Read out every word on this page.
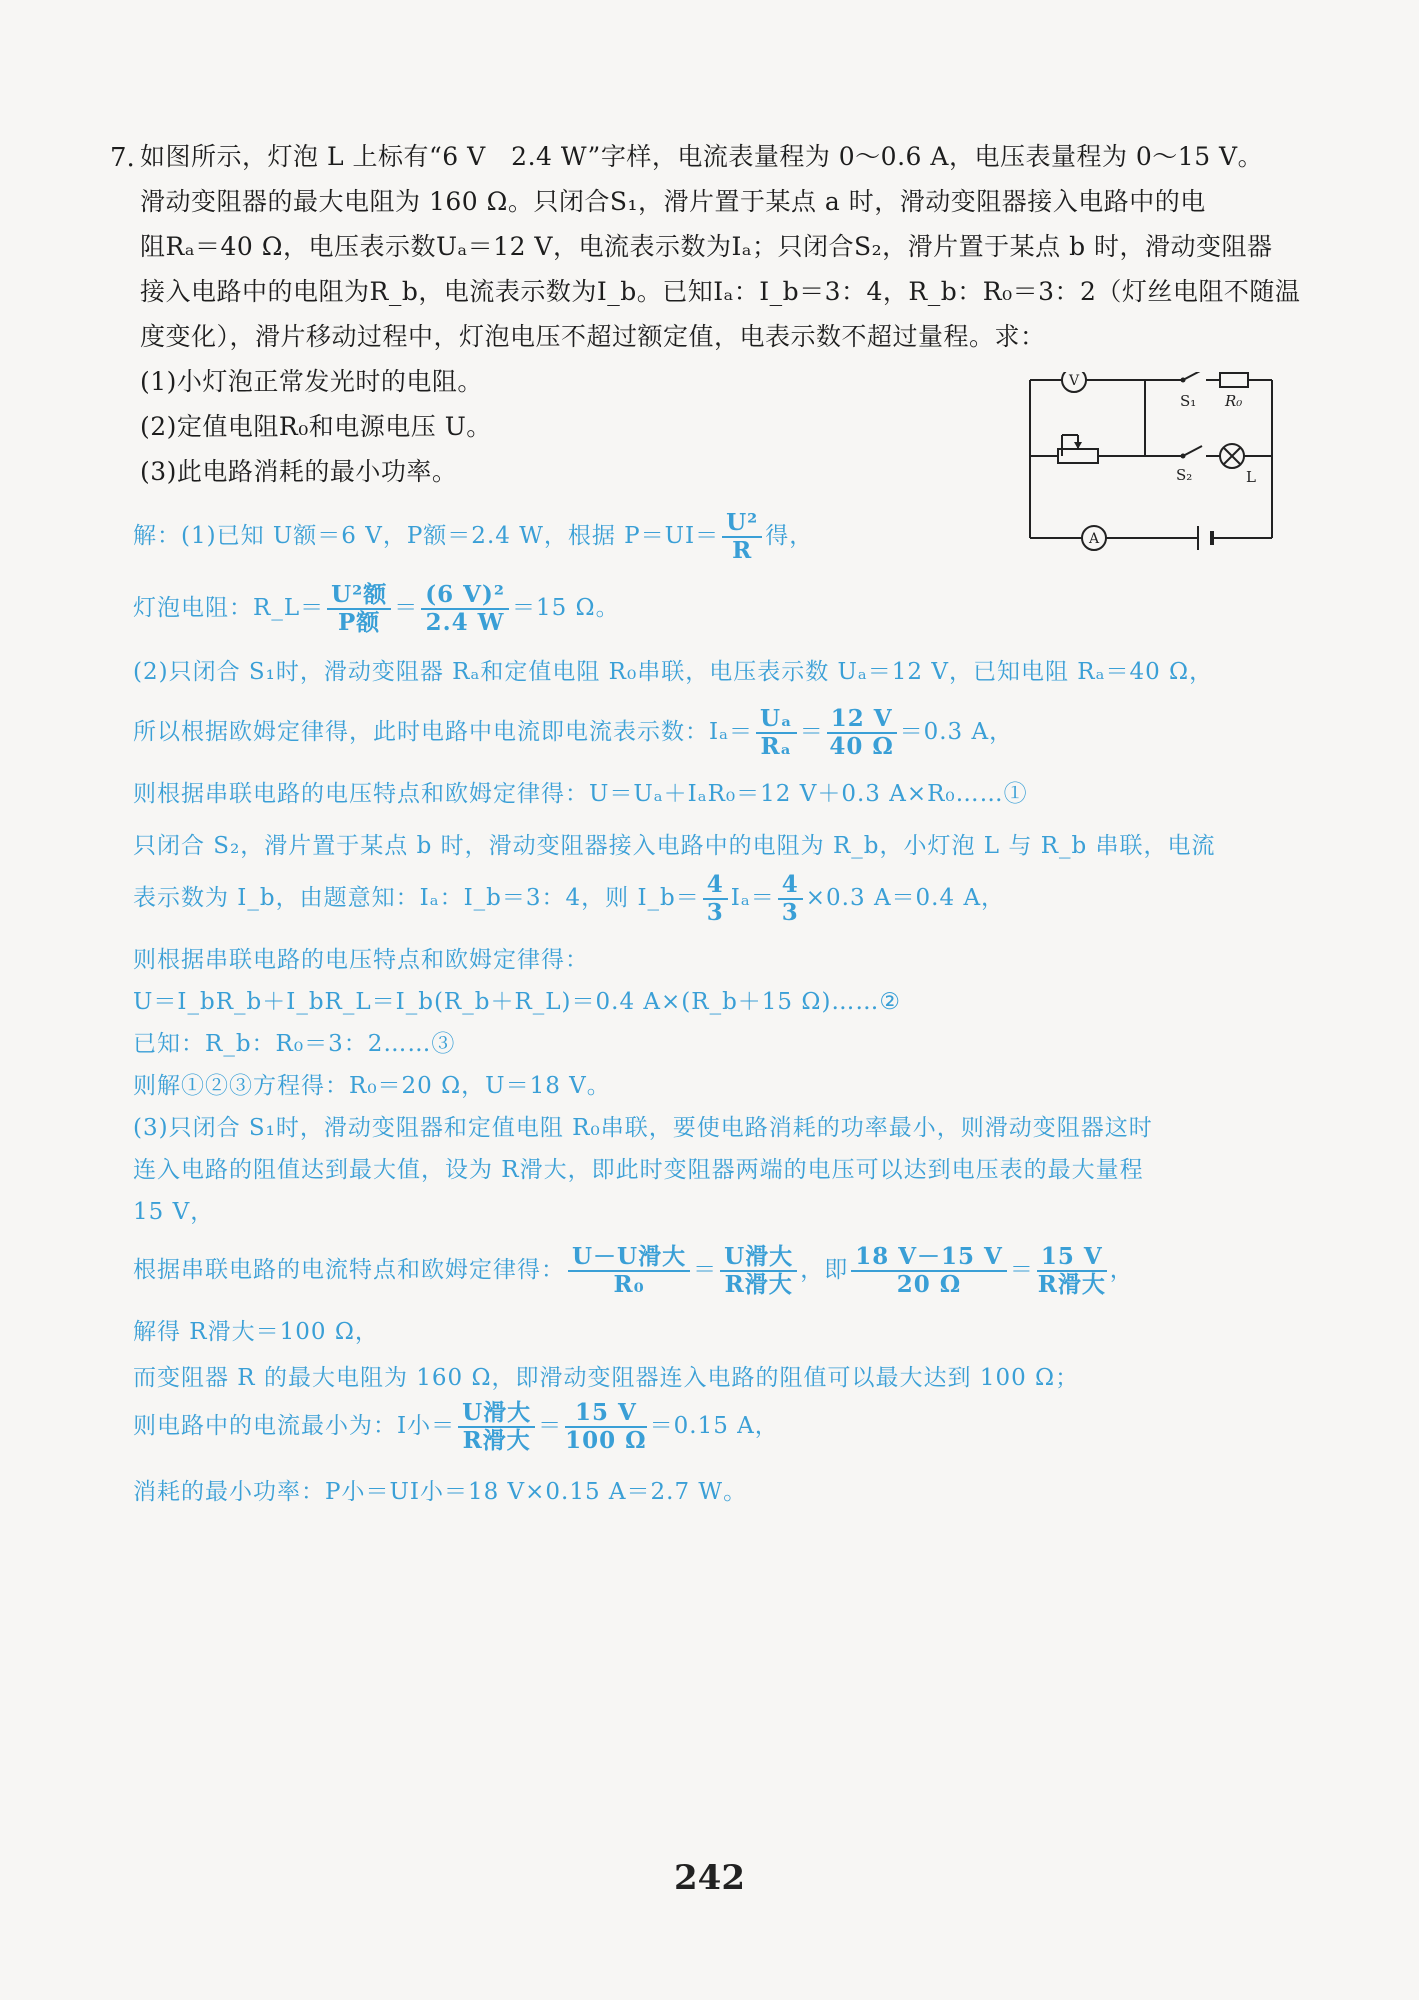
7. 如图所示，灯泡 L 上标有“6 V　2.4 W”字样，电流表量程为 0～0.6 A，电压表量程为 0～15 V。
滑动变阻器的最大电阻为 160 Ω。只闭合S₁，滑片置于某点 a 时，滑动变阻器接入电路中的电
阻Rₐ＝40 Ω，电压表示数Uₐ＝12 V，电流表示数为Iₐ；只闭合S₂，滑片置于某点 b 时，滑动变阻器
接入电路中的电阻为R_b，电流表示数为I_b。已知Iₐ：I_b＝3：4，R_b：R₀＝3：2（灯丝电阻不随温
度变化），滑片移动过程中，灯泡电压不超过额定值，电表示数不超过量程。求：
(1)小灯泡正常发光时的电阻。
(2)定值电阻R₀和电源电压 U。
(3)此电路消耗的最小功率。
V
A
S₁ R₀
S₂	L
解：(1)已知 U额＝6 V，P额＝2.4 W，根据 $P=UI= \frac{\text{U²}}{R}$ 得，
灯泡电阻：R_L＝ $\frac{\text{U²额}}{\text{P额}} = \frac{\text{(6 V)²}}{2.4 W} =15$ Ω。
(2)只闭合 S₁时，滑动变阻器 Rₐ和定值电阻 R₀串联，电压表示数 Uₐ＝12 V，已知电阻 Rₐ＝40 Ω，
所以根据欧姆定律得，此时电路中电流即电流表示数：$I_a= \frac{\text{Uₐ}}{\text{Rₐ}} = \frac{12 V}{40 \Omega} =0.3$ A，
则根据串联电路的电压特点和欧姆定律得：U＝Uₐ＋IₐR₀＝12 V＋0.3 A×R₀……①
只闭合 S₂，滑片置于某点 b 时，滑动变阻器接入电路中的电阻为 R_b，小灯泡 L 与 R_b 串联，电流
表示数为 I_b，由题意知：Iₐ：I_b＝3：4，则 I_b＝ $\frac{4}{3} I_a= \frac{4}{3} \times 0.3$ A＝0.4 A，
则根据串联电路的电压特点和欧姆定律得：
U＝I_bR_b＋I_bR_L＝I_b(R_b＋R_L)＝0.4 A×(R_b＋15 Ω)……②
已知：R_b：R₀＝3：2……③
则解①②③方程得：R₀＝20 Ω，U＝18 V。
(3)只闭合 S₁时，滑动变阻器和定值电阻 R₀串联，要使电路消耗的功率最小，则滑动变阻器这时
连入电路的阻值达到最大值，设为 R滑大，即此时变阻器两端的电压可以达到电压表的最大量程
15 V，
根据串联电路的电流特点和欧姆定律得： $\frac{\text{U－U滑大}}{\text{R₀}} = \frac{\text{U滑大}}{\text{R滑大}}$ ，即 $\frac{18 V-15 V}{20 \Omega} = \frac{15 V}{\text{R滑大}}$ ，
解得 R滑大＝100 Ω，
而变阻器 R 的最大电阻为 160 Ω，即滑动变阻器连入电路的阻值可以最大达到 100 Ω；
则电路中的电流最小为：I小＝ $\frac{\text{U滑大}}{\text{R滑大}} = \frac{15 V}{100 \Omega} =0.15$ A，
消耗的最小功率：P小＝UI小＝18 V×0.15 A＝2.7 W。
242
